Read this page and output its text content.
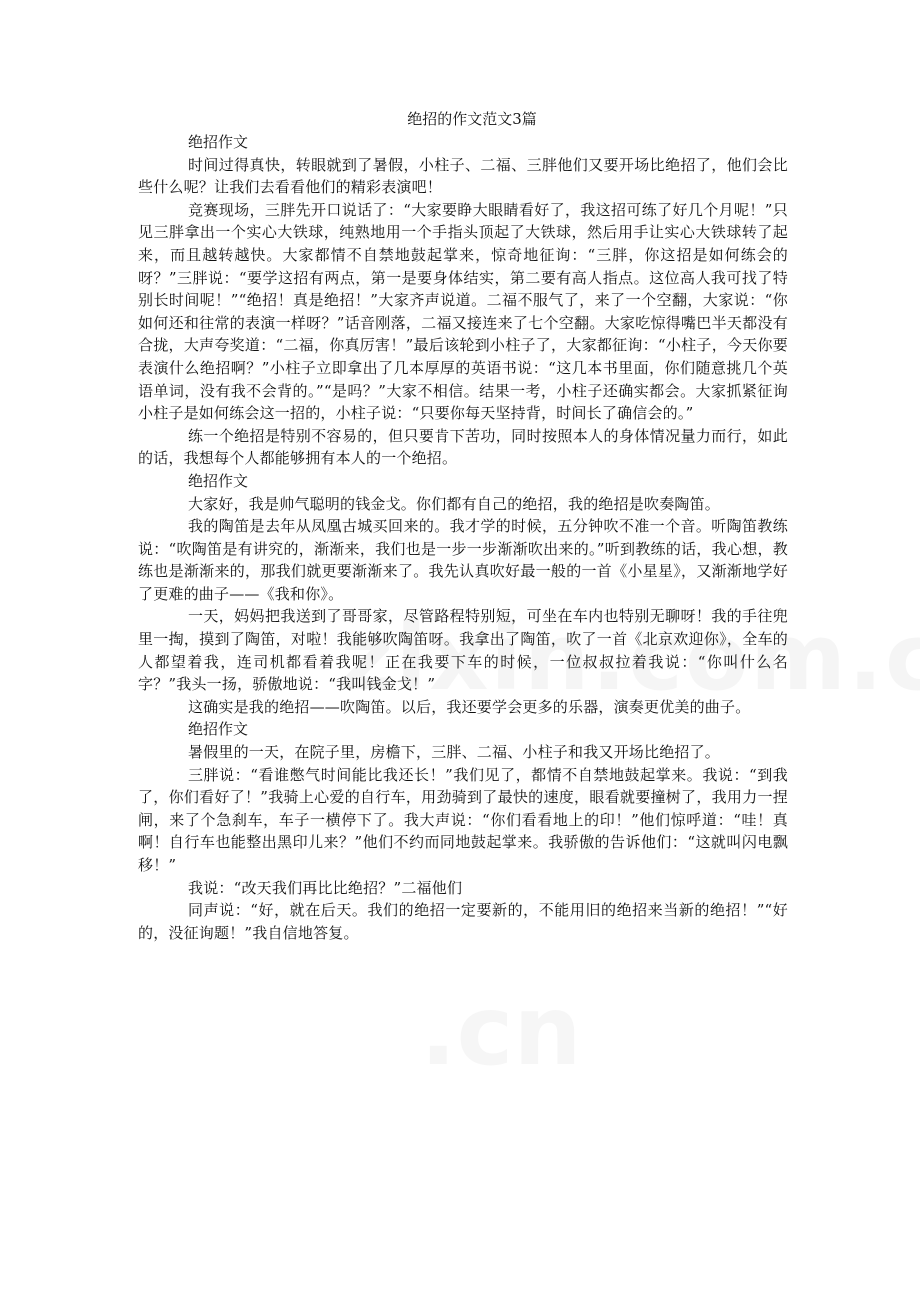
绝招的作文范文3篇
绝招作文

时间过得真快，转眼就到了暑假，小柱子、二福、三胖他们又要开场比绝招了，他们会比些什么呢？让我们去看看他们的精彩表演吧！

竞赛现场，三胖先开口说话了：“大家要睁大眼睛看好了，我这招可练了好几个月呢！”只见三胖拿出一个实心大铁球，纯熟地用一个手指头顶起了大铁球，然后用手让实心大铁球转了起来，而且越转越快。大家都情不自禁地鼓起掌来，惊奇地征询：“三胖，你这招是如何练会的呀？”三胖说：“要学这招有两点，第一是要身体结实，第二要有高人指点。这位高人我可找了特别长时间呢！”“绝招！真是绝招！”大家齐声说道。二福不服气了，来了一个空翻，大家说：“你如何还和往常的表演一样呀？”话音刚落，二福又接连来了七个空翻。大家吃惊得嘴巴半天都没有合拢，大声夸奖道：“二福，你真厉害！”最后该轮到小柱子了，大家都征询：“小柱子，今天你要表演什么绝招啊？”小柱子立即拿出了几本厚厚的英语书说：“这几本书里面，你们随意挑几个英语单词，没有我不会背的。”“是吗？”大家不相信。结果一考，小柱子还确实都会。大家抓紧征询小柱子是如何练会这一招的，小柱子说：“只要你每天坚持背，时间长了确信会的。”

练一个绝招是特别不容易的，但只要肯下苦功，同时按照本人的身体情况量力而行，如此的话，我想每个人都能够拥有本人的一个绝招。

绝招作文

大家好，我是帅气聪明的钱金戈。你们都有自己的绝招，我的绝招是吹奏陶笛。

我的陶笛是去年从凤凰古城买回来的。我才学的时候，五分钟吹不准一个音。听陶笛教练说：“吹陶笛是有讲究的，渐渐来，我们也是一步一步渐渐吹出来的。”听到教练的话，我心想，教练也是渐渐来的，那我们就更要渐渐来了。我先认真吹好最一般的一首《小星星》，又渐渐地学好了更难的曲子——《我和你》。

一天，妈妈把我送到了哥哥家，尽管路程特别短，可坐在车内也特别无聊呀！我的手往兜里一掏，摸到了陶笛，对啦！我能够吹陶笛呀。我拿出了陶笛，吹了一首《北京欢迎你》，全车的人都望着我，连司机都看着我呢！正在我要下车的时候，一位叔叔拉着我说：“你叫什么名字？”我头一扬，骄傲地说：“我叫钱金戈！”

这确实是我的绝招——吹陶笛。以后，我还要学会更多的乐器，演奏更优美的曲子。

绝招作文

暑假里的一天，在院子里，房檐下，三胖、二福、小柱子和我又开场比绝招了。

三胖说：“看谁憋气时间能比我还长！”我们见了，都情不自禁地鼓起掌来。我说：“到我了，你们看好了！”我骑上心爱的自行车，用劲骑到了最快的速度，眼看就要撞树了，我用力一捏闸，来了个急刹车，车子一横停下了。我大声说：“你们看看地上的印！”他们惊呼道：“哇！真啊！自行车也能整出黑印儿来？”他们不约而同地鼓起掌来。我骄傲的告诉他们：“这就叫闪电飘移！”

我说：“改天我们再比比绝招？”二福他们

同声说：“好，就在后天。我们的绝招一定要新的，不能用旧的绝招来当新的绝招！”“好的，没征询题！”我自信地答复。
